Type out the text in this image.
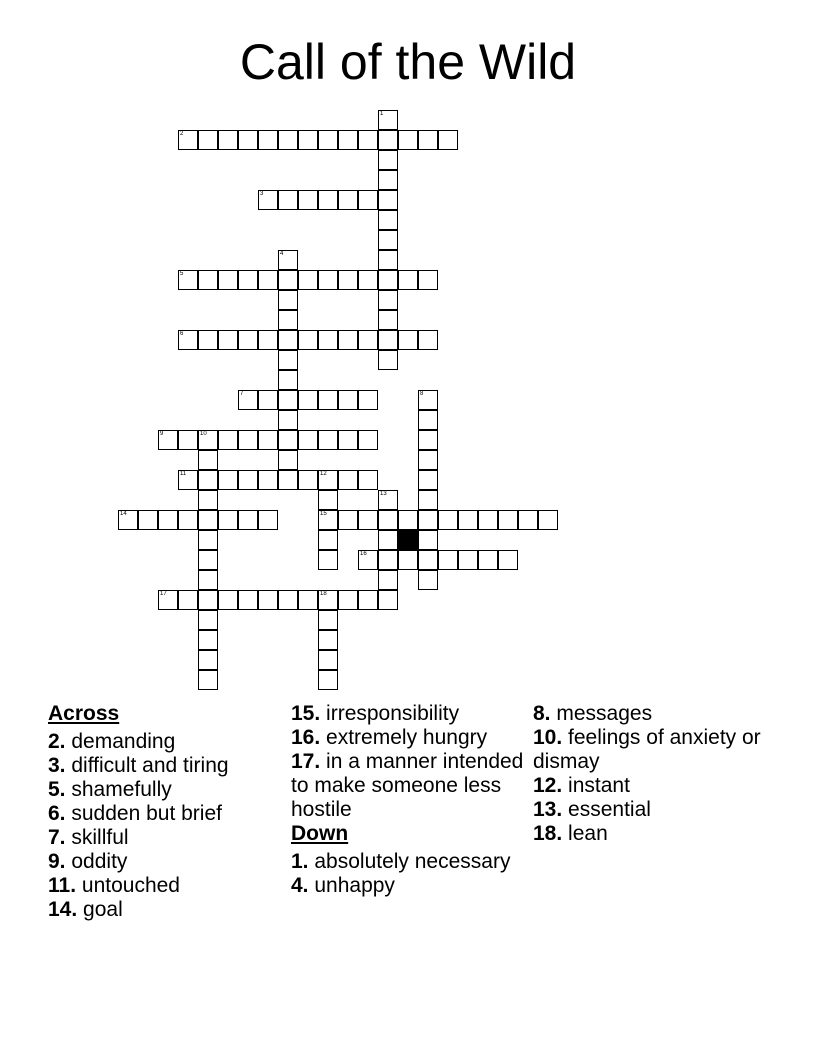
Call of the Wild
1
2
3
4
5
6
7	8
9	10
11	12
15
13
14
16
17	18
Across
2. demanding
3. difficult and tiring
5. shamefully
6. sudden but brief
7. skillful
9. oddity
11. untouched
14. goal
15. irresponsibility
16. extremely hungry
17. in a manner intended to make someone less hostile
Down
1. absolutely necessary
4. unhappy
8. messages
10. feelings of anxiety or dismay
12. instant
13. essential
18. lean
